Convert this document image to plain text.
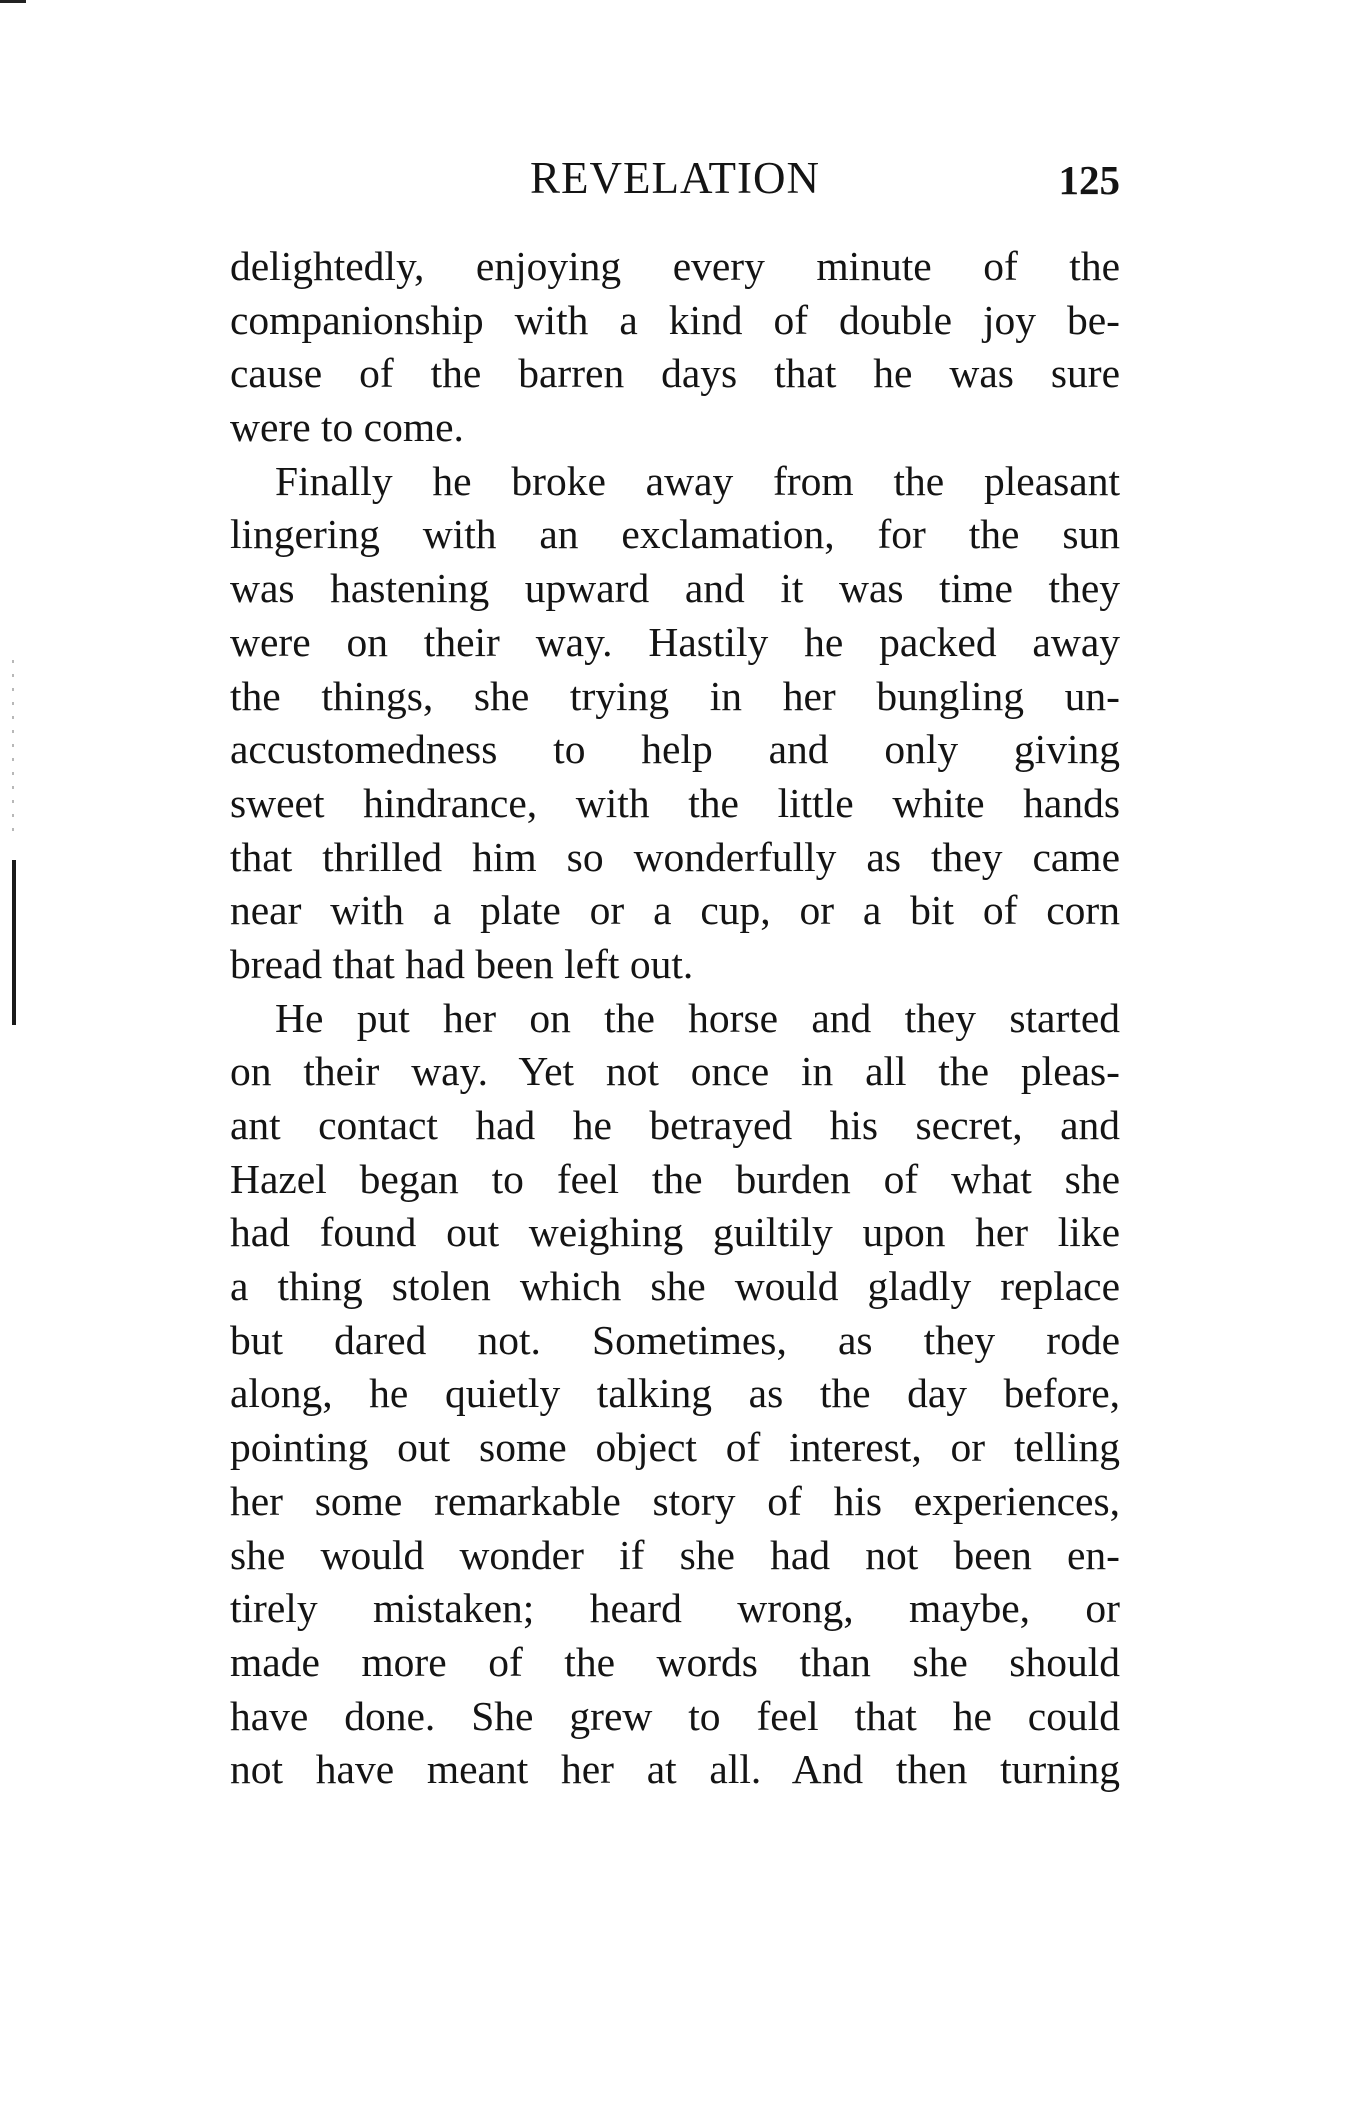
REVELATION	125
delightedly, enjoying every minute of the
companionship with a kind of double joy be-
cause of the barren days that he was sure
were to come.
Finally he broke away from the pleasant
lingering with an exclamation, for the sun
was hastening upward and it was time they
were on their way. Hastily he packed away
the things, she trying in her bungling un-
accustomedness to help and only giving
sweet hindrance, with the little white hands
that thrilled him so wonderfully as they came
near with a plate or a cup, or a bit of corn
bread that had been left out.
He put her on the horse and they started
on their way. Yet not once in all the pleas-
ant contact had he betrayed his secret, and
Hazel began to feel the burden of what she
had found out weighing guiltily upon her like
a thing stolen which she would gladly replace
but dared not. Sometimes, as they rode
along, he quietly talking as the day before,
pointing out some object of interest, or telling
her some remarkable story of his experiences,
she would wonder if she had not been en-
tirely mistaken; heard wrong, maybe, or
made more of the words than she should
have done. She grew to feel that he could
not have meant her at all. And then turning
